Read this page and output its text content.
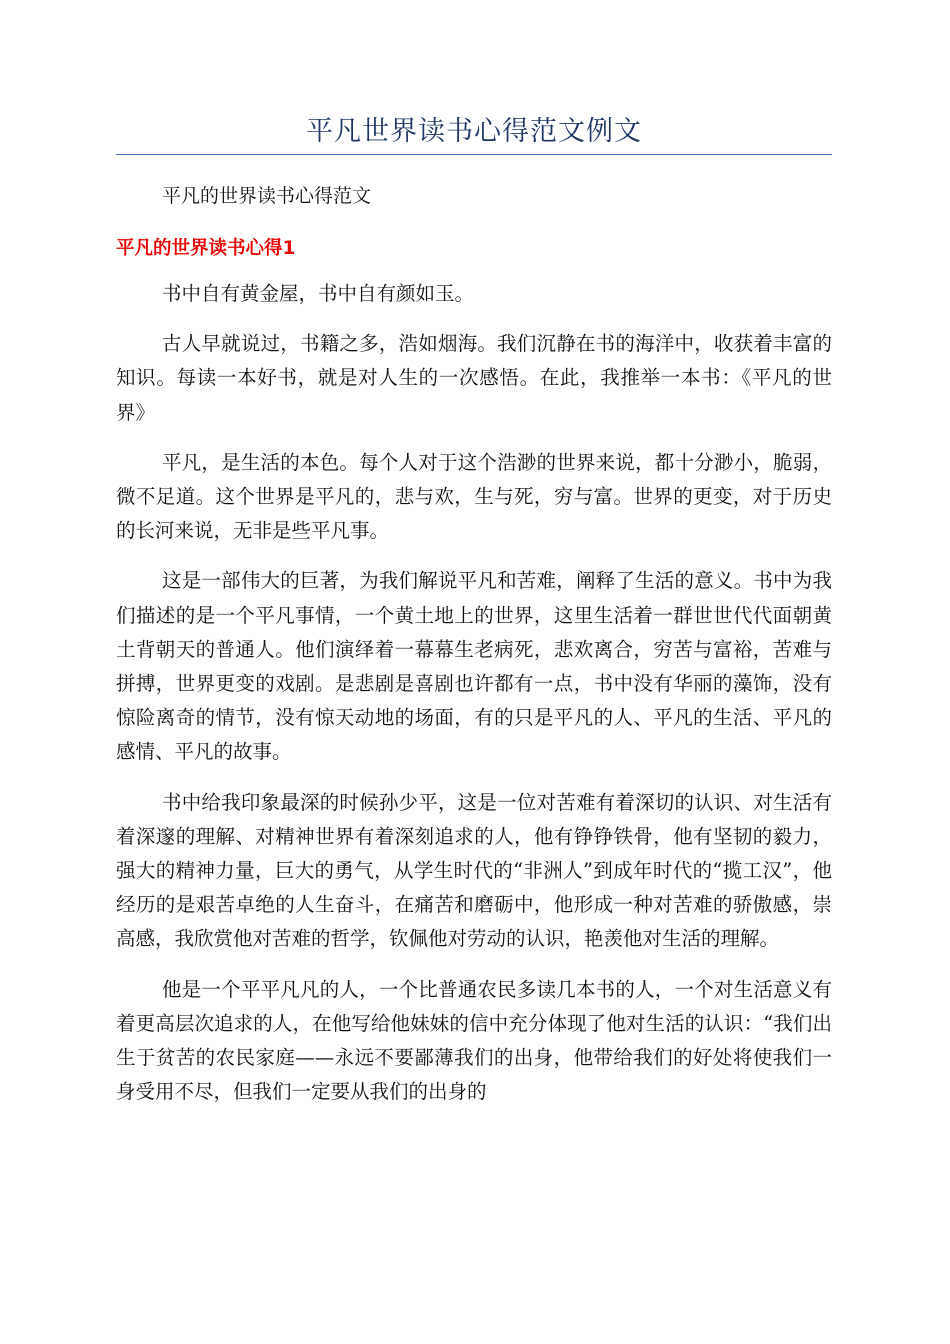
平凡世界读书心得范文例文
平凡的世界读书心得范文
平凡的世界读书心得1

书中自有黄金屋，书中自有颜如玉。

古人早就说过，书籍之多，浩如烟海。我们沉静在书的海洋中，收获着丰富的知识。每读一本好书，就是对人生的一次感悟。在此，我推举一本书：《平凡的世界》

平凡，是生活的本色。每个人对于这个浩渺的世界来说，都十分渺小，脆弱，微不足道。这个世界是平凡的，悲与欢，生与死，穷与富。世界的更变，对于历史的长河来说，无非是些平凡事。

这是一部伟大的巨著，为我们解说平凡和苦难，阐释了生活的意义。书中为我们描述的是一个平凡事情，一个黄土地上的世界，这里生活着一群世世代代面朝黄土背朝天的普通人。他们演绎着一幕幕生老病死，悲欢离合，穷苦与富裕，苦难与拼搏，世界更变的戏剧。是悲剧是喜剧也许都有一点，书中没有华丽的藻饰，没有惊险离奇的情节，没有惊天动地的场面，有的只是平凡的人、平凡的生活、平凡的感情、平凡的故事。

书中给我印象最深的时候孙少平，这是一位对苦难有着深切的认识、对生活有着深邃的理解、对精神世界有着深刻追求的人，他有铮铮铁骨，他有坚韧的毅力，强大的精神力量，巨大的勇气，从学生时代的“非洲人”到成年时代的“揽工汉”，他经历的是艰苦卓绝的人生奋斗，在痛苦和磨砺中，他形成一种对苦难的骄傲感，崇高感，我欣赏他对苦难的哲学，钦佩他对劳动的认识，艳羡他对生活的理解。

他是一个平平凡凡的人，一个比普通农民多读几本书的人，一个对生活意义有着更高层次追求的人，在他写给他妹妹的信中充分体现了他对生活的认识：“我们出生于贫苦的农民家庭——永远不要鄙薄我们的出身，他带给我们的好处将使我们一身受用不尽，但我们一定要从我们的出身的
